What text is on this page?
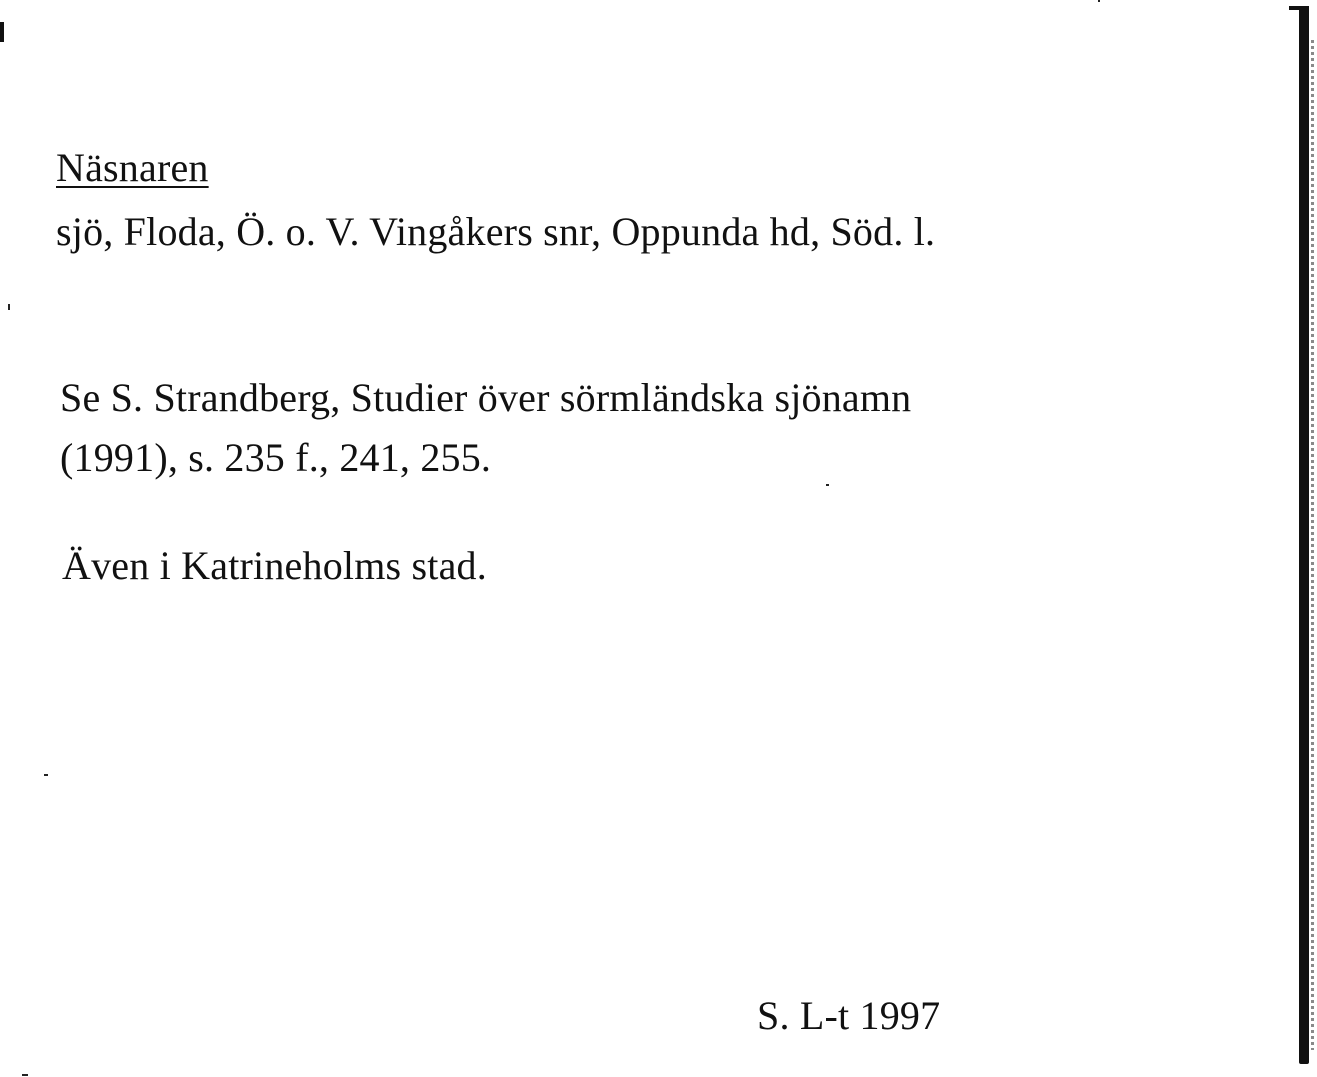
Näsnaren
sjö, Floda, Ö. o. V. Vingåkers snr, Oppunda hd, Söd. l.
Se S. Strandberg, Studier över sörmländska sjönamn
(1991), s. 235 f., 241, 255.
Även i Katrineholms stad.
S. L-t 1997
